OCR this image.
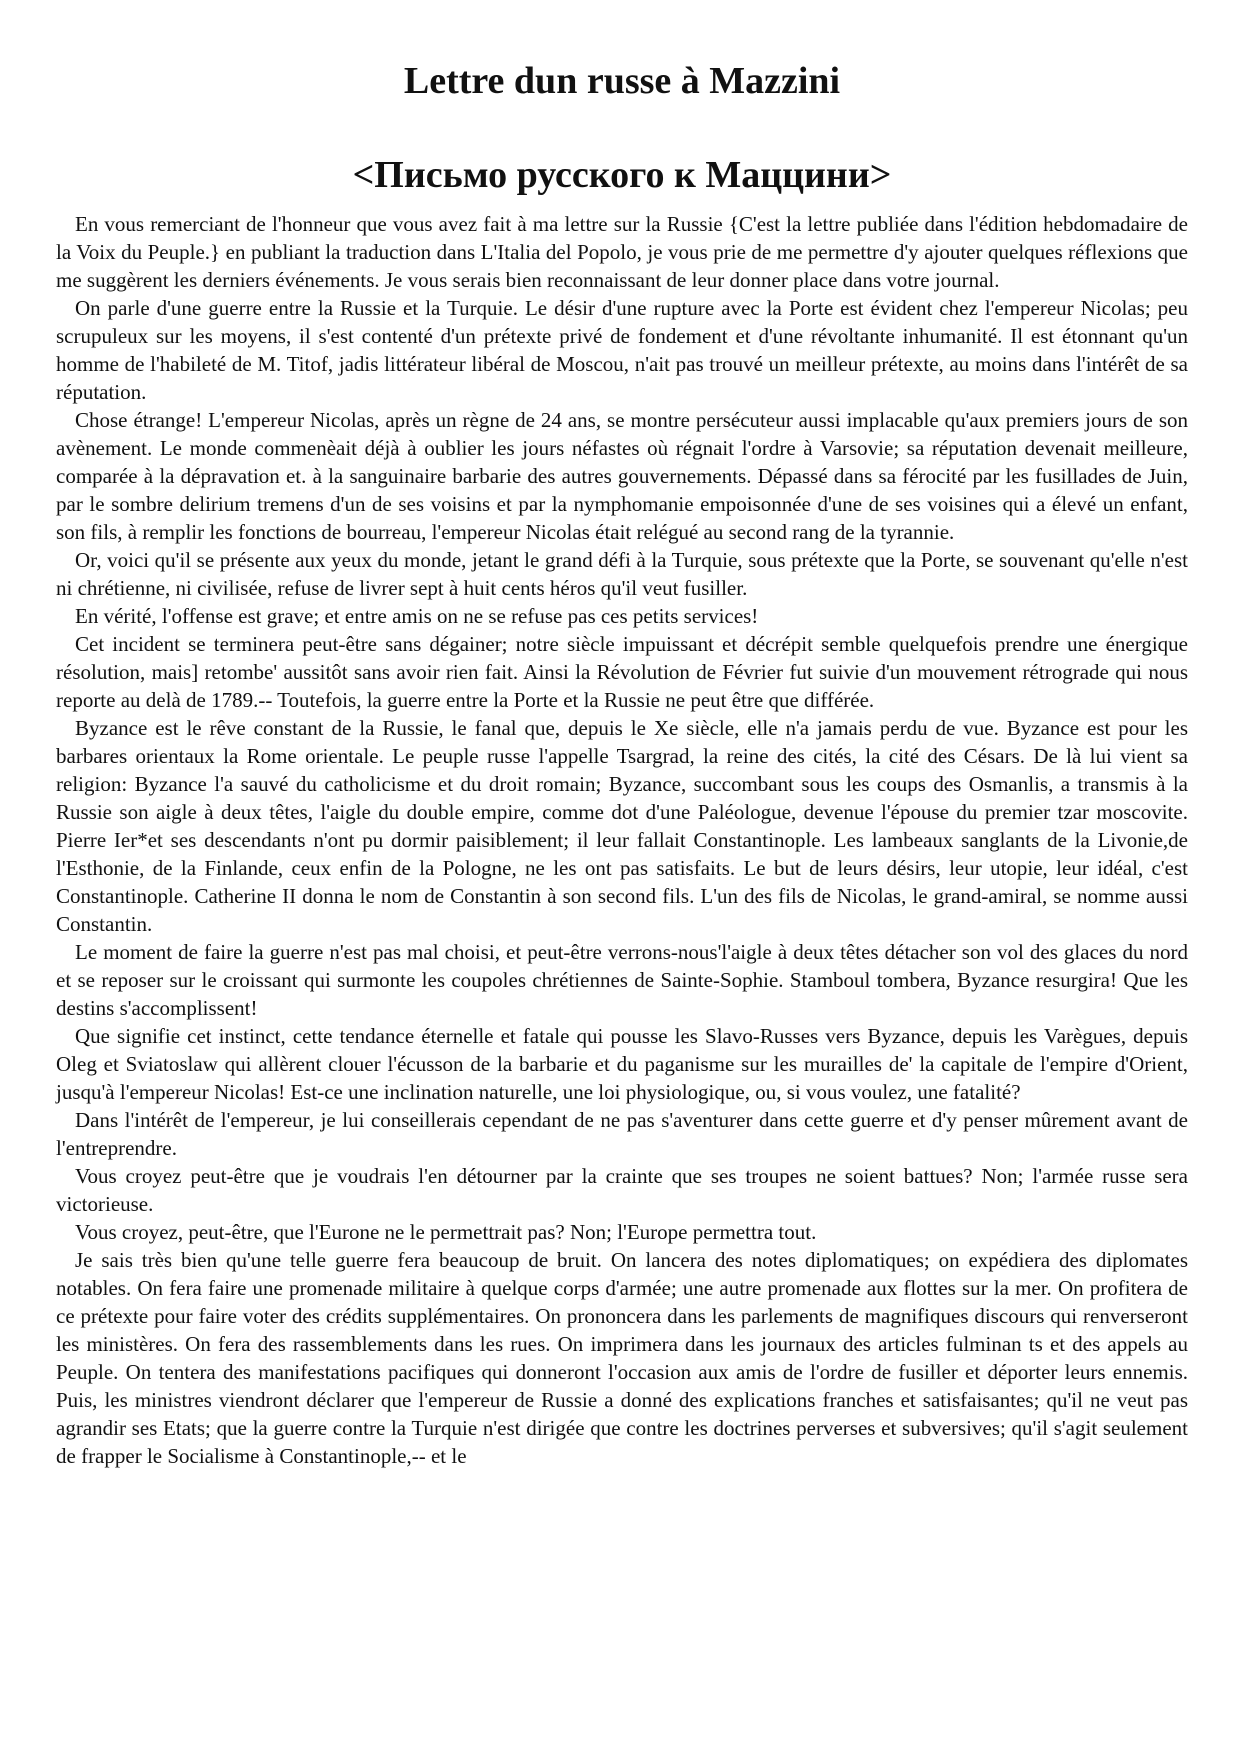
Lettre dun russe à Mazzini
<Письмо русского к Маццини>

En vous remerciant de l'honneur que vous avez fait à ma lettre sur la Russie {C'est la lettre publiée dans l'édition hebdomadaire de la Voix du Peuple.} en publiant la traduction dans L'Italia del Popolo, je vous prie de me permettre d'y ajouter quelques réflexions que me suggèrent les derniers événements. Je vous serais bien reconnaissant de leur donner place dans votre journal.

On parle d'une guerre entre la Russie et la Turquie. Le désir d'une rupture avec la Porte est évident chez l'empereur Nicolas; peu scrupuleux sur les moyens, il s'est contenté d'un prétexte privé de fondement et d'une révoltante inhumanité. Il est étonnant qu'un homme de l'habileté de M. Titof, jadis littérateur libéral de Moscou, n'ait pas trouvé un meilleur prétexte, au moins dans l'intérêt de sa réputation.

Chose étrange! L'empereur Nicolas, après un règne de 24 ans, se montre persécuteur aussi implacable qu'aux premiers jours de son avènement. Le monde commenèait déjà à oublier les jours néfastes où régnait l'ordre à Varsovie; sa réputation devenait meilleure, comparée à la dépravation et. à la sanguinaire barbarie des autres gouvernements. Dépassé dans sa férocité par les fusillades de Juin, par le sombre delirium tremens d'un de ses voisins et par la nymphomanie empoisonnée d'une de ses voisines qui a élevé un enfant, son fils, à remplir les fonctions de bourreau, l'empereur Nicolas était relégué au second rang de la tyrannie.

Or, voici qu'il se présente aux yeux du monde, jetant le grand défi à la Turquie, sous prétexte que la Porte, se souvenant qu'elle n'est ni chrétienne, ni civilisée, refuse de livrer sept à huit cents héros qu'il veut fusiller.

En vérité, l'offense est grave; et entre amis on ne se refuse pas ces petits services!

Cet incident se terminera peut-être sans dégainer; notre siècle impuissant et décrépit semble quelquefois prendre une énergique résolution, mais] retombe' aussitôt sans avoir rien fait. Ainsi la Révolution de Février fut suivie d'un mouvement rétrograde qui nous reporte au delà de 1789.-- Toutefois, la guerre entre la Porte et la Russie ne peut être que différée.

Byzance est le rêve constant de la Russie, le fanal que, depuis le Xe siècle, elle n'a jamais perdu de vue. Byzance est pour les barbares orientaux la Rome orientale. Le peuple russe l'appelle Tsargrad, la reine des cités, la cité des Césars. De là lui vient sa religion: Byzance l'a sauvé du catholicisme et du droit romain; Byzance, succombant sous les coups des Osmanlis, a transmis à la Russie son aigle à deux têtes, l'aigle du double empire, comme dot d'une Paléologue, devenue l'épouse du premier tzar moscovite. Pierre Ier*et ses descendants n'ont pu dormir paisiblement; il leur fallait Constantinople. Les lambeaux sanglants de la Livonie,de l'Esthonie, de la Finlande, ceux enfin de la Pologne, ne les ont pas satisfaits. Le but de leurs désirs, leur utopie, leur idéal, c'est Constantinople. Catherine II donna le nom de Constantin à son second fils. L'un des fils de Nicolas, le grand-amiral, se nomme aussi Constantin.

Le moment de faire la guerre n'est pas mal choisi, et peut-être verrons-nous'l'aigle à deux têtes détacher son vol des glaces du nord et se reposer sur le croissant qui surmonte les coupoles chrétiennes de Sainte-Sophie. Stamboul tombera, Byzance resurgira! Que les destins s'accomplissent!

Que signifie cet instinct, cette tendance éternelle et fatale qui pousse les Slavo-Russes vers Byzance, depuis les Varègues, depuis Oleg et Sviatoslaw qui allèrent clouer l'écusson de la barbarie et du paganisme sur les murailles de' la capitale de l'empire d'Orient, jusqu'à l'empereur Nicolas! Est-ce une inclination naturelle, une loi physiologique, ou, si vous voulez, une fatalité?

Dans l'intérêt de l'empereur, je lui conseillerais cependant de ne pas s'aventurer dans cette guerre et d'y penser mûrement avant de l'entreprendre.

Vous croyez peut-être que je voudrais l'en détourner par la crainte que ses troupes ne soient battues? Non; l'armée russe sera victorieuse.

Vous croyez, peut-être, que l'Eurone ne le permettrait pas? Non; l'Europe permettra tout.

Je sais très bien qu'une telle guerre fera beaucoup de bruit. On lancera des notes diplomatiques; on expédiera des diplomates notables. On fera faire une promenade militaire à quelque corps d'armée; une autre promenade aux flottes sur la mer. On profitera de ce prétexte pour faire voter des crédits supplémentaires. On prononcera dans les parlements de magnifiques discours qui renverseront les ministères. On fera des rassemblements dans les rues. On imprimera dans les journaux des articles fulminan ts et des appels au Peuple. On tentera des manifestations pacifiques qui donneront l'occasion aux amis de l'ordre de fusiller et déporter leurs ennemis. Puis, les ministres viendront déclarer que l'empereur de Russie a donné des explications franches et satisfaisantes; qu'il ne veut pas agrandir ses Etats; que la guerre contre la Turquie n'est dirigée que contre les doctrines perverses et subversives; qu'il s'agit seulement de frapper le Socialisme à Constantinople,-- et le
